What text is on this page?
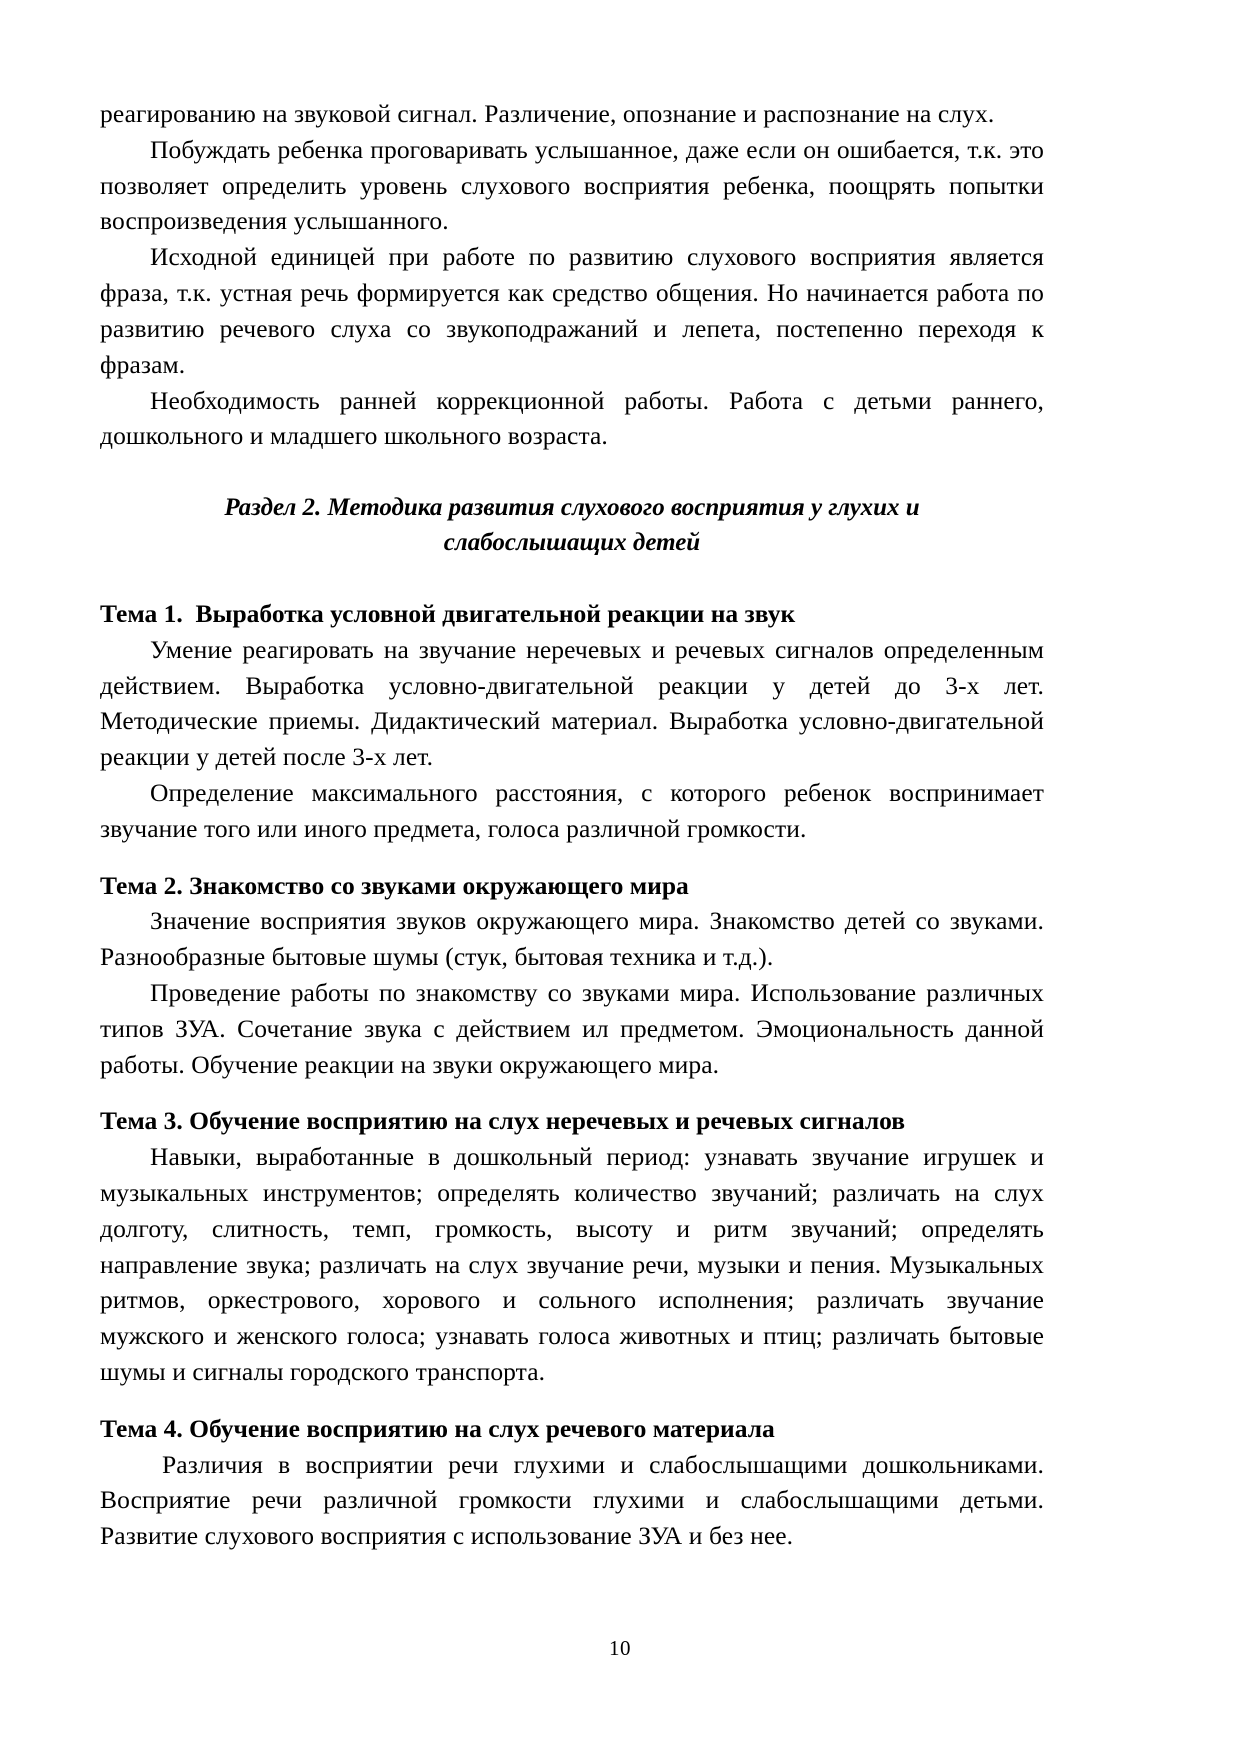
реагированию на звуковой сигнал. Различение, опознание и распознание на слух.

Побуждать ребенка проговаривать услышанное, даже если он ошибается, т.к. это позволяет определить уровень слухового восприятия ребенка, поощрять попытки воспроизведения услышанного.

Исходной единицей при работе по развитию слухового восприятия является фраза, т.к. устная речь формируется как средство общения. Но начинается работа по развитию речевого слуха со звукоподражаний и лепета, постепенно переходя к фразам.

Необходимость ранней коррекционной работы. Работа с детьми раннего, дошкольного и младшего школьного возраста.

Раздел 2. Методика развития слухового восприятия у глухих и слабослышащих детей

Тема 1.  Выработка условной двигательной реакции на звук

Умение реагировать на звучание неречевых и речевых сигналов определенным действием. Выработка условно-двигательной реакции у детей до 3-х лет. Методические приемы. Дидактический материал. Выработка условно-двигательной реакции у детей после 3-х лет.

Определение максимального расстояния, с которого ребенок воспринимает звучание того или иного предмета, голоса различной громкости.

Тема 2. Знакомство со звуками окружающего мира

Значение восприятия звуков окружающего мира. Знакомство детей со звуками. Разнообразные бытовые шумы (стук, бытовая техника и т.д.).

Проведение работы по знакомству со звуками мира. Использование различных типов ЗУА. Сочетание звука с действием ил предметом. Эмоциональность данной работы. Обучение реакции на звуки окружающего мира.

Тема 3. Обучение восприятию на слух неречевых и речевых сигналов

Навыки, выработанные в дошкольный период: узнавать звучание игрушек и музыкальных инструментов; определять количество звучаний; различать на слух долготу, слитность, темп, громкость, высоту и ритм звучаний; определять направление звука; различать на слух звучание речи, музыки и пения. Музыкальных ритмов, оркестрового, хорового и сольного исполнения; различать звучание мужского и женского голоса; узнавать голоса животных и птиц; различать бытовые шумы и сигналы городского транспорта.

Тема 4. Обучение восприятию на слух речевого материала

Различия в восприятии речи глухими и слабослышащими дошкольниками. Восприятие речи различной громкости глухими и слабослышащими детьми. Развитие слухового восприятия с использование ЗУА и без нее.

10
